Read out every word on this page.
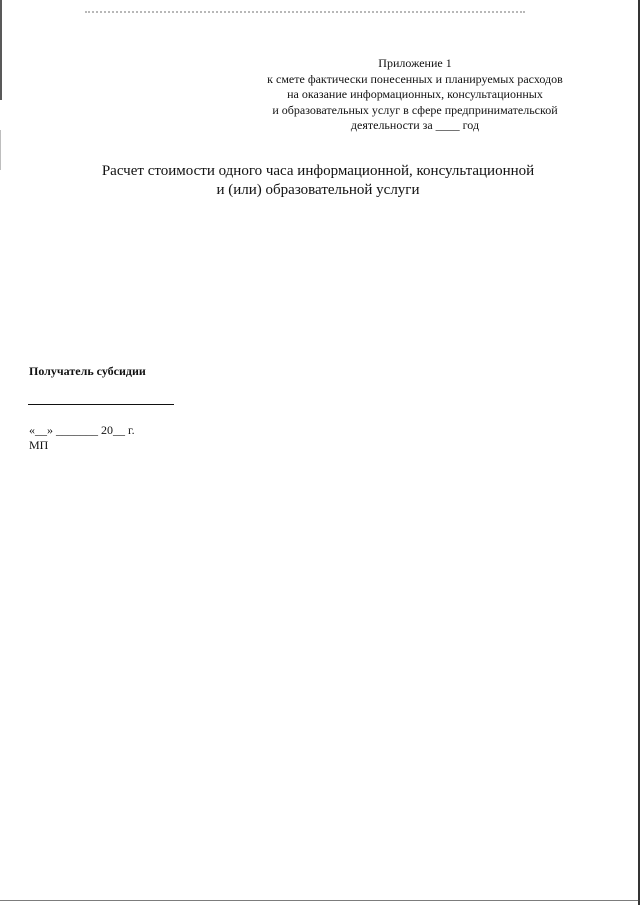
Приложение 1
к смете фактически понесенных и планируемых расходов
на оказание информационных, консультационных
и образовательных услуг в сфере предпринимательской
деятельности за ____ год
Расчет стоимости одного часа информационной, консультационной
и (или) образовательной услуги
Получатель субсидии
«__» _______ 20__ г.
МП
